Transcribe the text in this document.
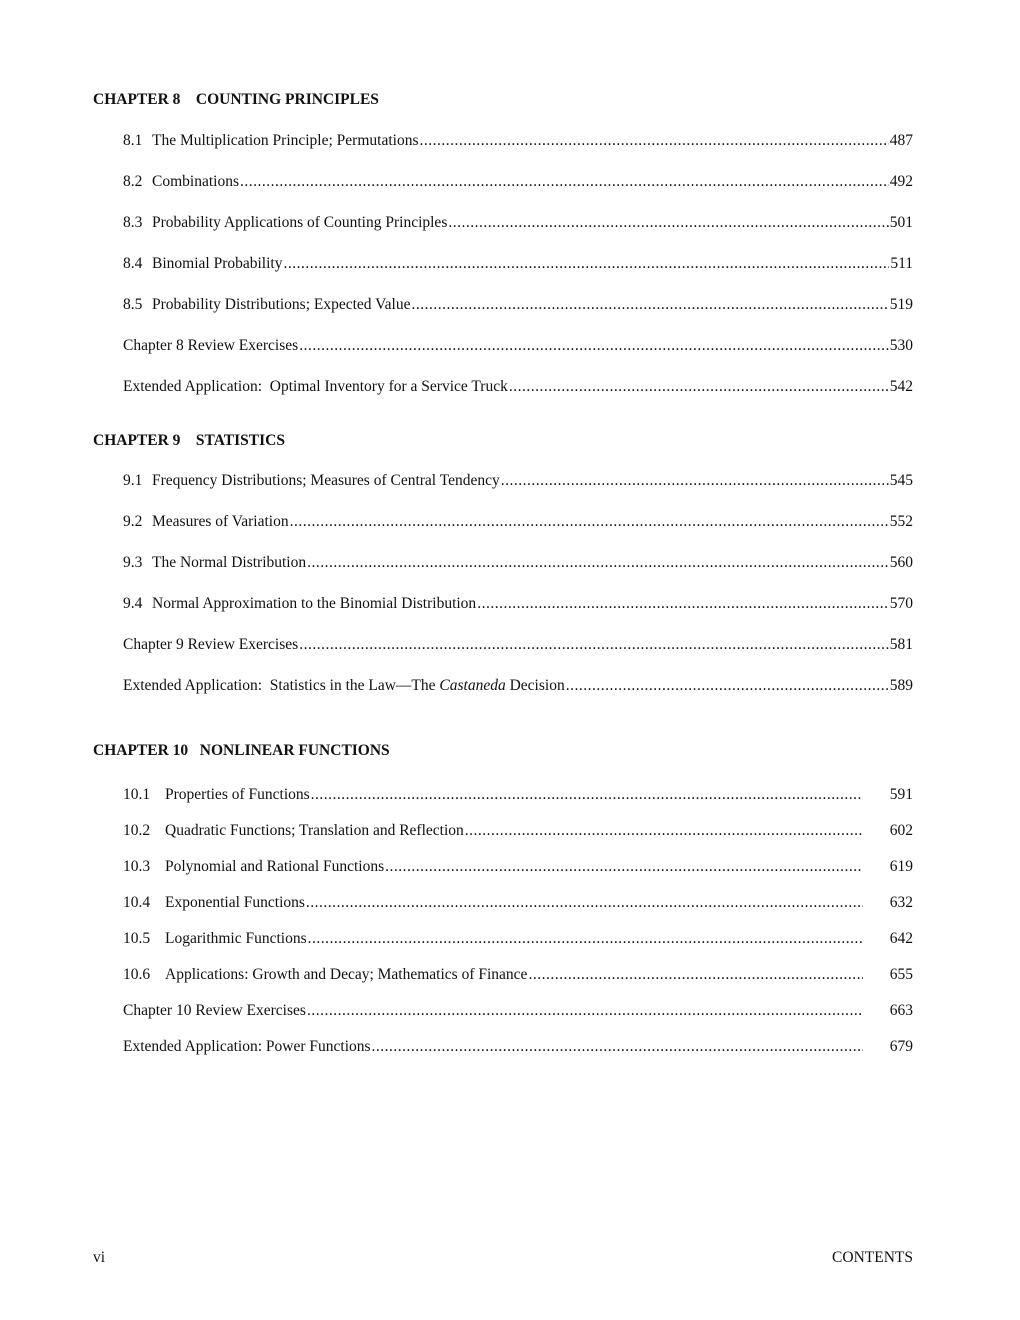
CHAPTER 8    COUNTING PRINCIPLES
8.1 The Multiplication Principle; Permutations .....	487
8.2 Combinations .....	492
8.3 Probability Applications of Counting Principles .....	501
8.4 Binomial Probability .....	511
8.5 Probability Distributions; Expected Value .....	519
Chapter 8 Review Exercises .....	530
Extended Application:  Optimal Inventory for a Service Truck .....	542
CHAPTER 9    STATISTICS
9.1 Frequency Distributions; Measures of Central Tendency .....	545
9.2 Measures of Variation .....	552
9.3 The Normal Distribution .....	560
9.4 Normal Approximation to the Binomial Distribution .....	570
Chapter 9 Review Exercises .....	581
Extended Application:  Statistics in the Law—The Castaneda Decision .....	589
CHAPTER 10   NONLINEAR FUNCTIONS
10.1 Properties of Functions .....	591
10.2 Quadratic Functions; Translation and Reflection .....	602
10.3 Polynomial and Rational Functions .....	619
10.4 Exponential Functions .....	632
10.5 Logarithmic Functions .....	642
10.6 Applications: Growth and Decay; Mathematics of Finance .....	655
Chapter 10 Review Exercises .....	663
Extended Application: Power Functions .....	679
vi	CONTENTS
